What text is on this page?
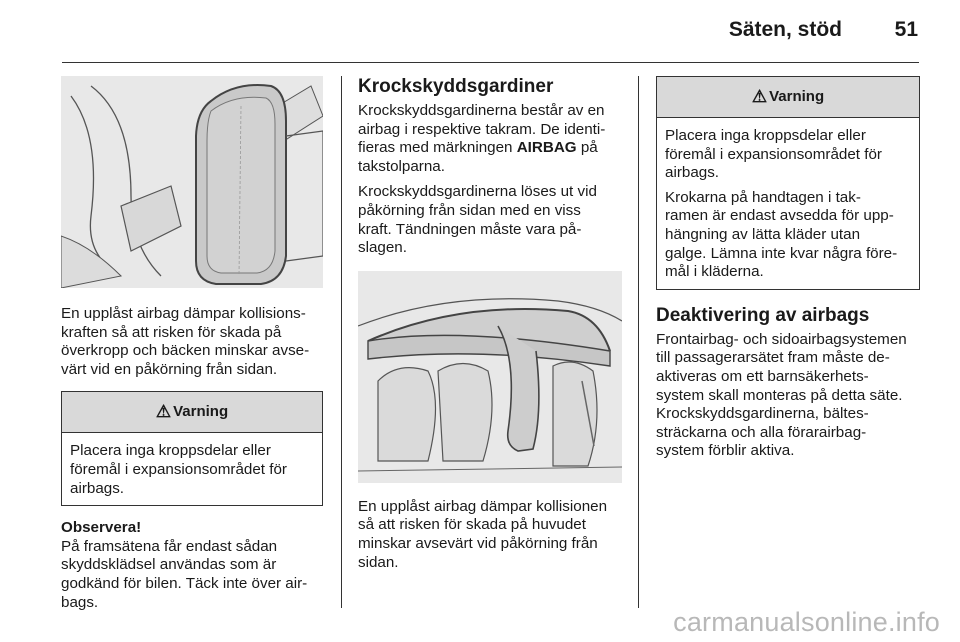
Säten, stöd	51

En upplåst airbag dämpar kollisions-

kraften så att risken för skada på

överkropp och bäcken minskar avse-

värt vid en påkörning från sidan.

⚠ Varning

Placera inga kroppsdelar eller

föremål i expansionsområdet för

airbags.

Observera!

På framsätena får endast sådan

skyddsklädsel användas som är

godkänd för bilen. Täck inte över air-

bags.

Krockskyddsgardiner

Krockskyddsgardinerna består av en

airbag i respektive takram. De identi-

fieras med märkningen AIRBAG på

takstolparna.

Krockskyddsgardinerna löses ut vid

påkörning från sidan med en viss

kraft. Tändningen måste vara på-

slagen.

En upplåst airbag dämpar kollisionen

så att risken för skada på huvudet

minskar avsevärt vid påkörning från

sidan.

⚠ Varning

Placera inga kroppsdelar eller

föremål i expansionsområdet för

airbags.

Krokarna på handtagen i tak-

ramen är endast avsedda för upp-

hängning av lätta kläder utan

galge. Lämna inte kvar några före-

mål i kläderna.

Deaktivering av airbags

Frontairbag- och sidoairbagsystemen

till passagerarsätet fram måste de-

aktiveras om ett barnsäkerhets-

system skall monteras på detta säte.

Krockskyddsgardinerna, bältes-

sträckarna och alla förarairbag-

system förblir aktiva.

carmanualsonline.info
